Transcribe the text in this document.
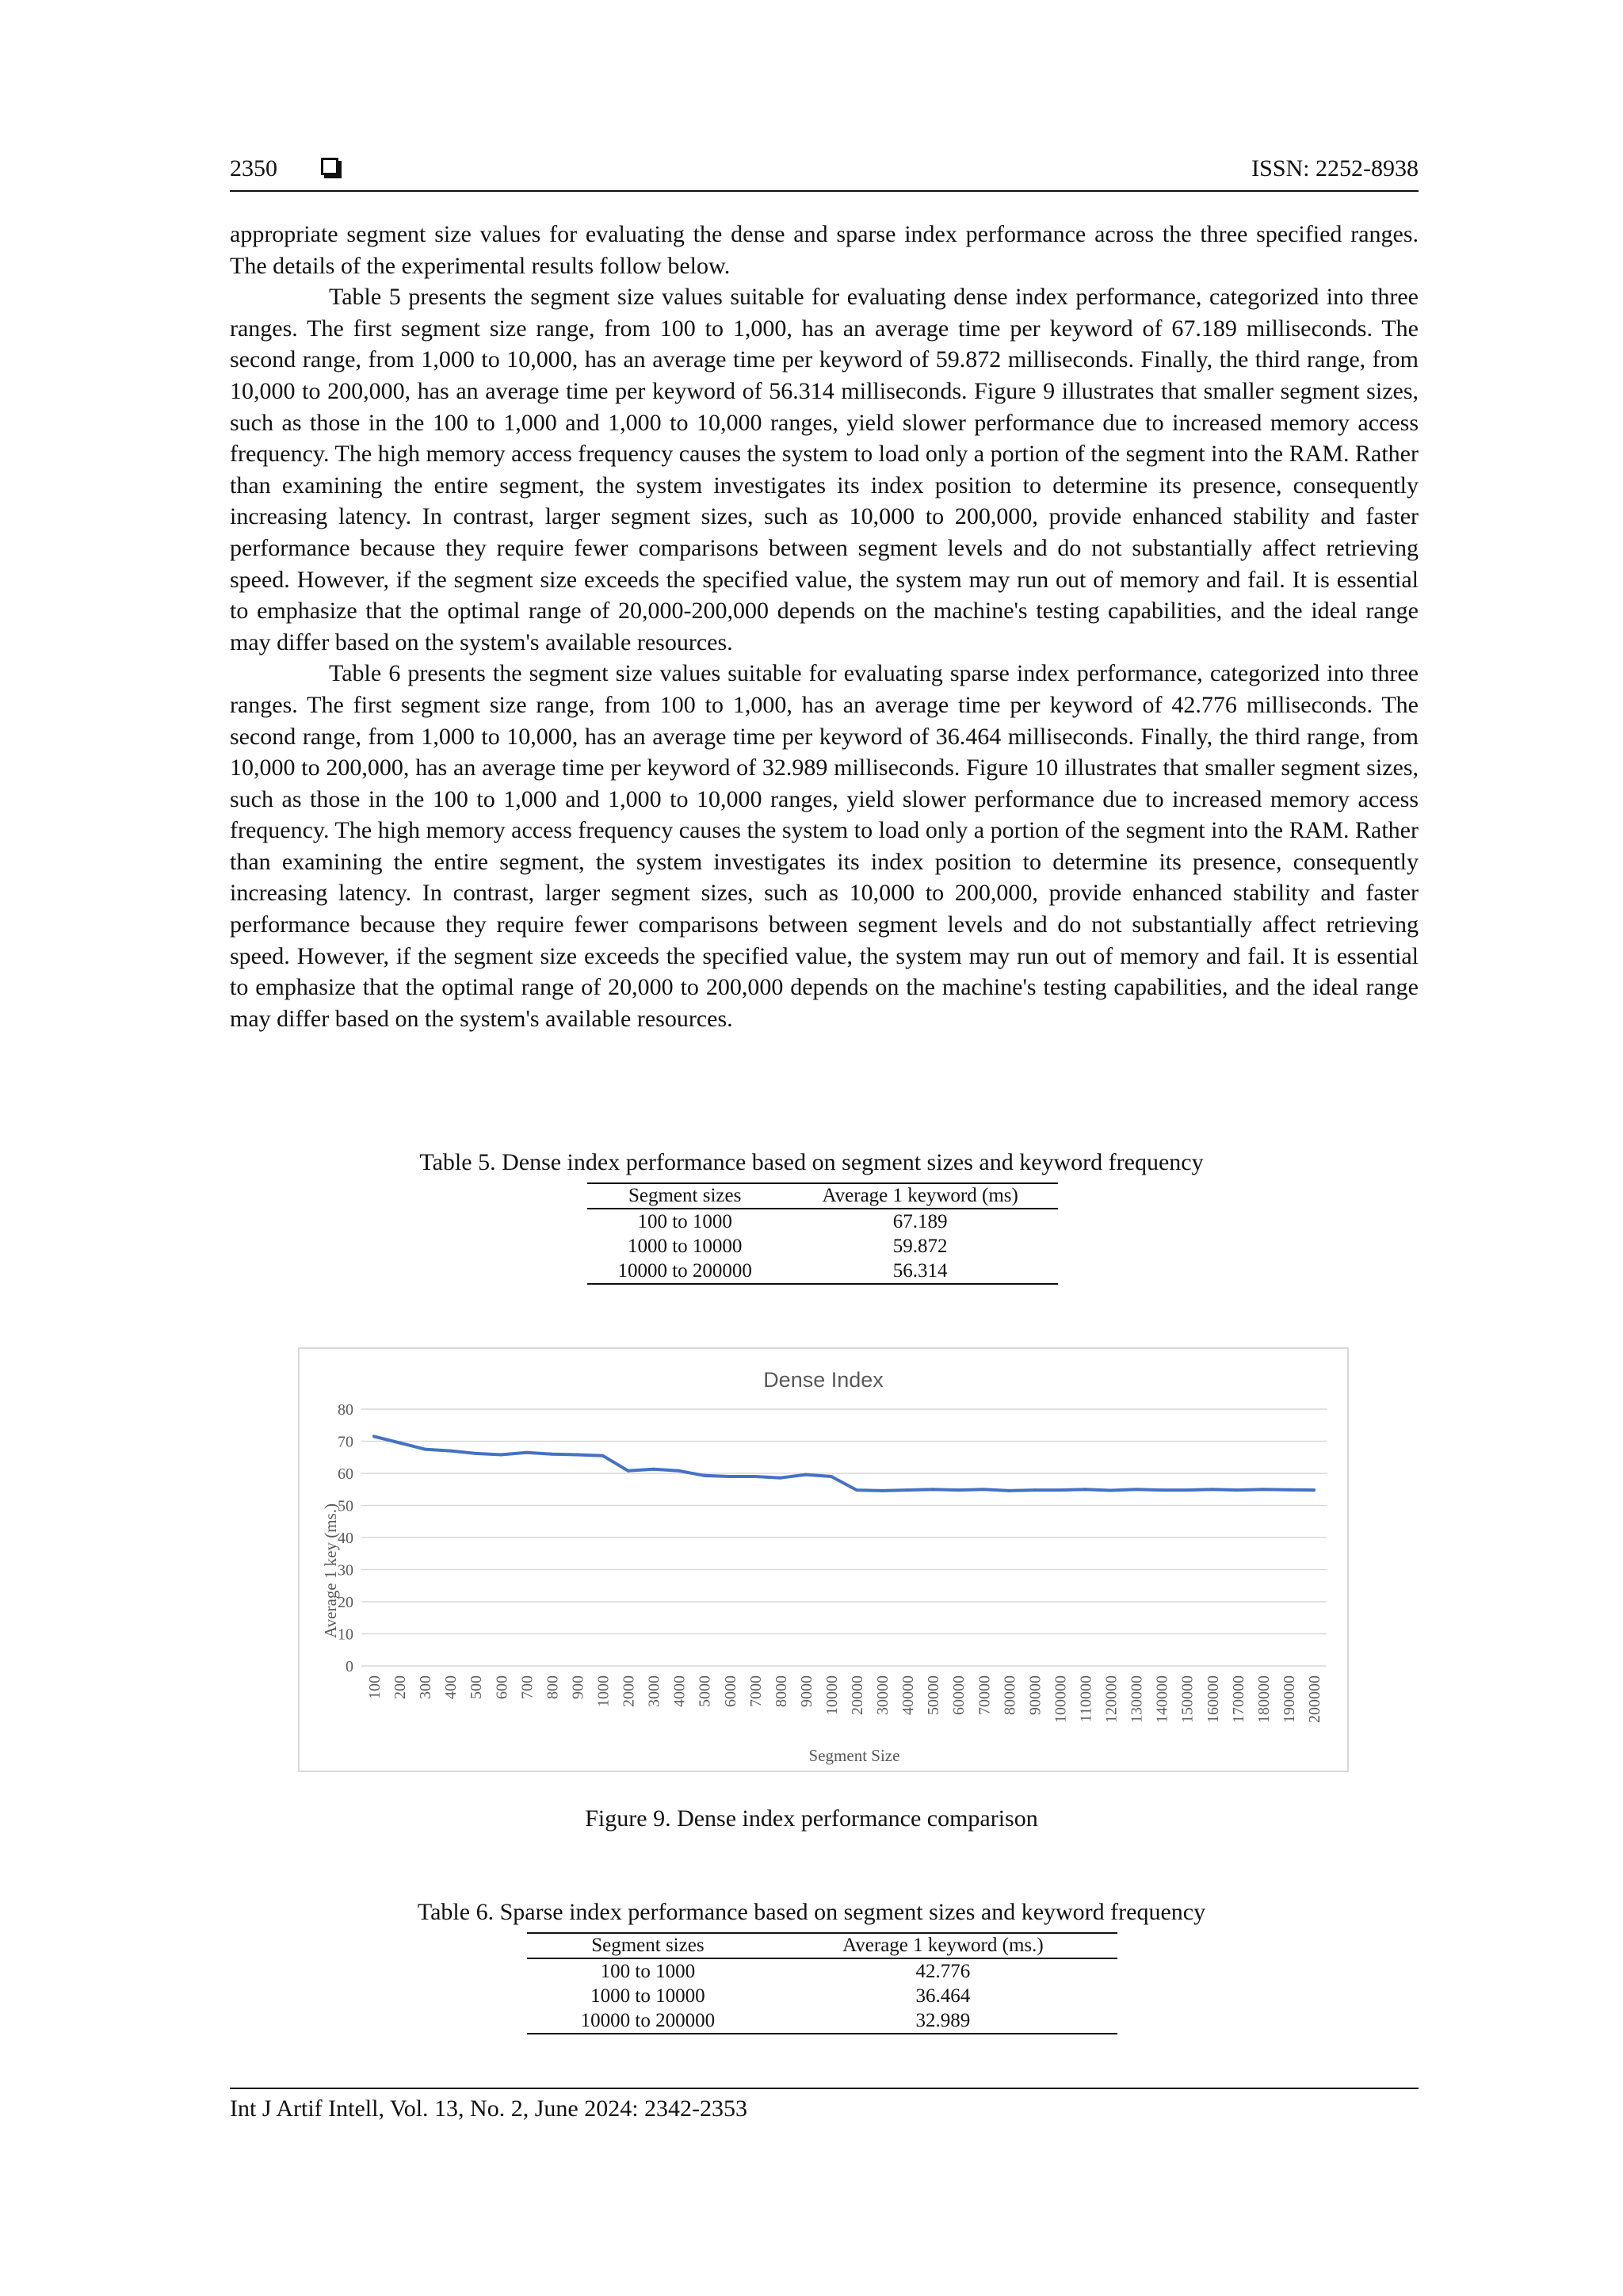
2350	ISSN: 2252-8938

appropriate segment size values for evaluating the dense and sparse index performance across the three specified ranges. The details of the experimental results follow below.

Table 5 presents the segment size values suitable for evaluating dense index performance, categorized into three ranges. The first segment size range, from 100 to 1,000, has an average time per keyword of 67.189 milliseconds. The second range, from 1,000 to 10,000, has an average time per keyword of 59.872 milliseconds. Finally, the third range, from 10,000 to 200,000, has an average time per keyword of 56.314 milliseconds. Figure 9 illustrates that smaller segment sizes, such as those in the 100 to 1,000 and 1,000 to 10,000 ranges, yield slower performance due to increased memory access frequency. The high memory access frequency causes the system to load only a portion of the segment into the RAM. Rather than examining the entire segment, the system investigates its index position to determine its presence, consequently increasing latency. In contrast, larger segment sizes, such as 10,000 to 200,000, provide enhanced stability and faster performance because they require fewer comparisons between segment levels and do not substantially affect retrieving speed. However, if the segment size exceeds the specified value, the system may run out of memory and fail. It is essential to emphasize that the optimal range of 20,000-200,000 depends on the machine's testing capabilities, and the ideal range may differ based on the system's available resources.

Table 6 presents the segment size values suitable for evaluating sparse index performance, categorized into three ranges. The first segment size range, from 100 to 1,000, has an average time per keyword of 42.776 milliseconds. The second range, from 1,000 to 10,000, has an average time per keyword of 36.464 milliseconds. Finally, the third range, from 10,000 to 200,000, has an average time per keyword of 32.989 milliseconds. Figure 10 illustrates that smaller segment sizes, such as those in the 100 to 1,000 and 1,000 to 10,000 ranges, yield slower performance due to increased memory access frequency. The high memory access frequency causes the system to load only a portion of the segment into the RAM. Rather than examining the entire segment, the system investigates its index position to determine its presence, consequently increasing latency. In contrast, larger segment sizes, such as 10,000 to 200,000, provide enhanced stability and faster performance because they require fewer comparisons between segment levels and do not substantially affect retrieving speed. However, if the segment size exceeds the specified value, the system may run out of memory and fail. It is essential to emphasize that the optimal range of 20,000 to 200,000 depends on the machine's testing capabilities, and the ideal range may differ based on the system's available resources.

Table 5. Dense index performance based on segment sizes and keyword frequency
Segment sizes	Average 1 keyword (ms)
100 to 1000	67.189
1000 to 10000	59.872
10000 to 200000	56.314
Dense Index
Average 1 key (ms.)
Segment Size
0
10
20
30
40
50
60
70
80
100 200 300 400 500 600 700 800 900 1000 2000 3000 4000 5000 6000 7000 8000 9000 10000 20000 30000 40000 50000 60000 70000 80000 90000 100000 110000 120000 130000 140000 150000 160000 170000 180000 190000 200000
Figure 9. Dense index performance comparison
Table 6. Sparse index performance based on segment sizes and keyword frequency
Segment sizes	Average 1 keyword (ms.)
100 to 1000	42.776
1000 to 10000	36.464
10000 to 200000	32.989
Int J Artif Intell, Vol. 13, No. 2, June 2024: 2342-2353
